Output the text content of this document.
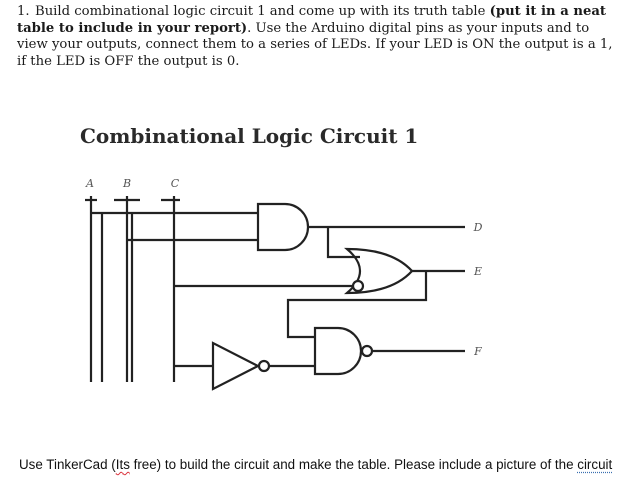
1. Build combinational logic circuit 1 and come up with its truth table (put it in a neat table to include in your report). Use the Arduino digital pins as your inputs and to view your outputs, connect them to a series of LEDs. If your LED is ON the output is a 1, if the LED is OFF the output is 0.
Combinational Logic Circuit 1
A	B	C
D
E
F
Use TinkerCad (Its free) to build the circuit and make the table. Please include a picture of the circuit
